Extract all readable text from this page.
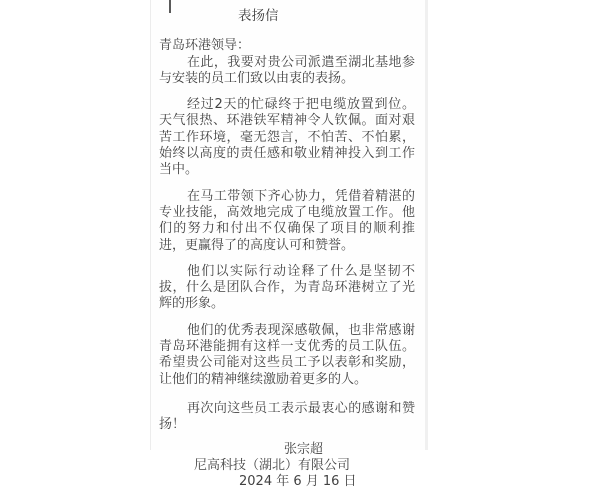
表扬信

青岛环港领导：

在此，我要对贵公司派遣至湖北基地参与安装的员工们致以由衷的表扬。

经过2天的忙碌终于把电缆放置到位。天气很热、环港铁军精神令人钦佩。面对艰苦工作环境，毫无怨言，不怕苦、不怕累，始终以高度的责任感和敬业精神投入到工作当中。

在马工带领下齐心协力，凭借着精湛的专业技能，高效地完成了电缆放置工作。他们的努力和付出不仅确保了项目的顺利推进，更赢得了的高度认可和赞誉。

他们以实际行动诠释了什么是坚韧不拔，什么是团队合作，为青岛环港树立了光辉的形象。

他们的优秀表现深感敬佩，也非常感谢青岛环港能拥有这样一支优秀的员工队伍。希望贵公司能对这些员工予以表彰和奖励，让他们的精神继续激励着更多的人。

再次向这些员工表示最衷心的感谢和赞扬！

张宗超

尼高科技（湖北）有限公司

2024 年 6 月 16 日
